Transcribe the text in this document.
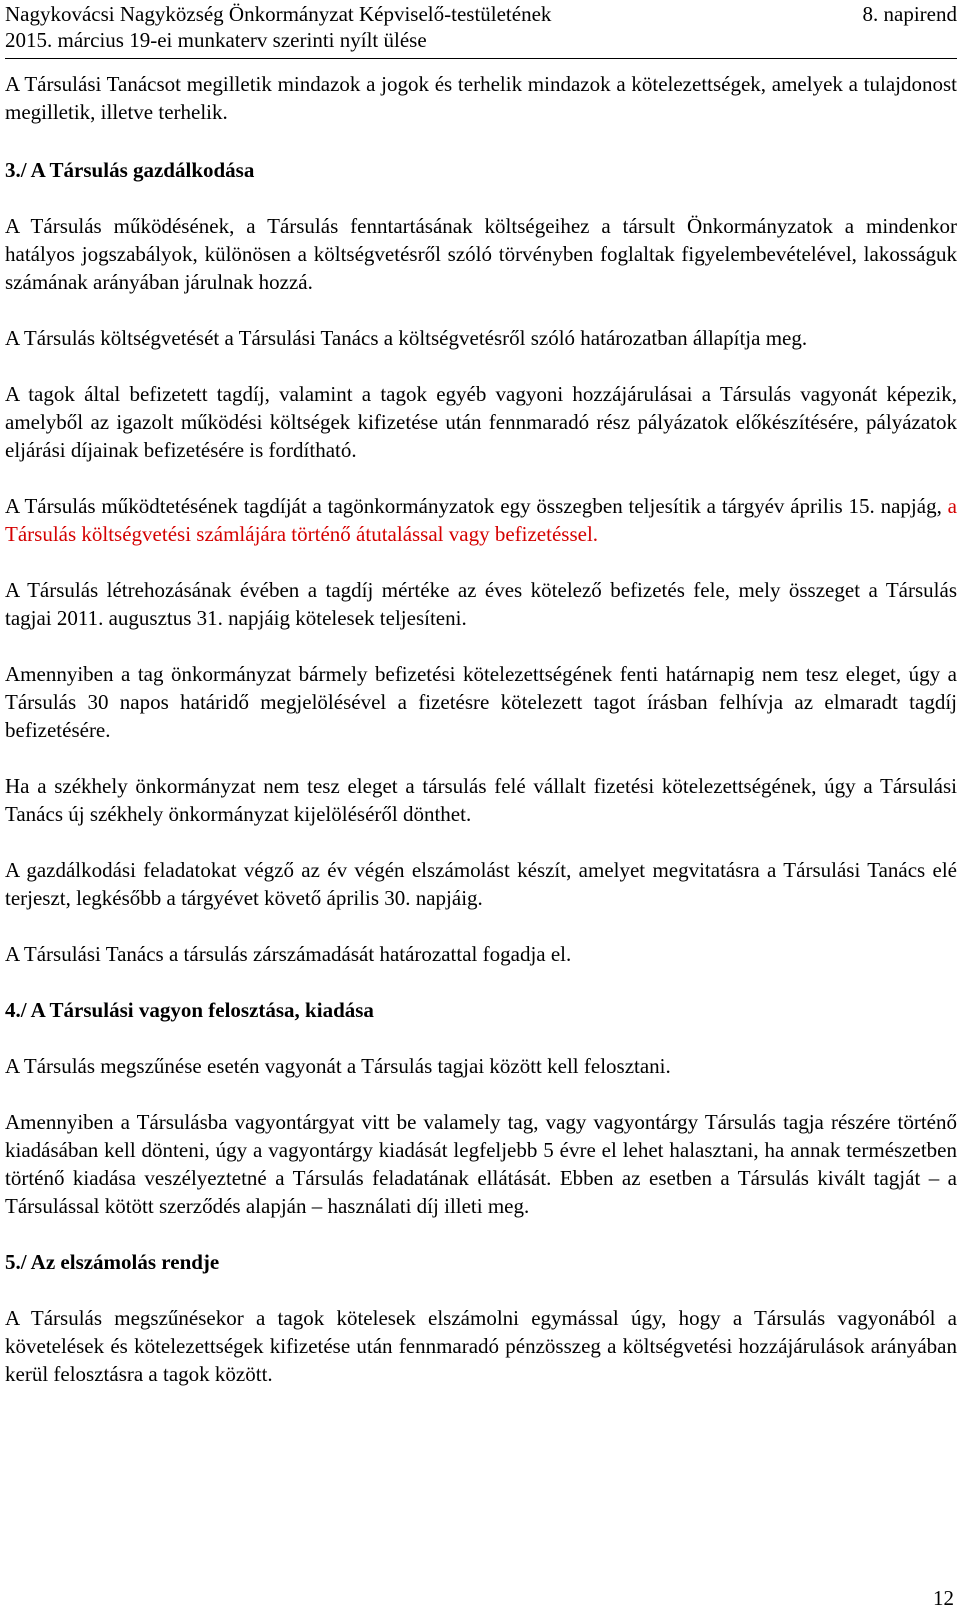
Nagykovácsi Nagyközség Önkormányzat Képviselő-testületének	8. napirend
2015. március 19-ei munkaterv szerinti nyílt ülése

A Társulási Tanácsot megilletik mindazok a jogok és terhelik mindazok a kötelezettségek, amelyek a tulajdonost megilletik, illetve terhelik.

3./ A Társulás gazdálkodása

A Társulás működésének, a Társulás fenntartásának költségeihez a társult Önkormányzatok a mindenkor hatályos jogszabályok, különösen a költségvetésről szóló törvényben foglaltak figyelembevételével, lakosságuk számának arányában járulnak hozzá.

A Társulás költségvetését a Társulási Tanács a költségvetésről szóló határozatban állapítja meg.

A tagok által befizetett tagdíj, valamint a tagok egyéb vagyoni hozzájárulásai a Társulás vagyonát képezik, amelyből az igazolt működési költségek kifizetése után fennmaradó rész pályázatok előkészítésére, pályázatok eljárási díjainak befizetésére is fordítható.

A Társulás működtetésének tagdíját a tagönkormányzatok egy összegben teljesítik a tárgyév április 15. napjág, a Társulás költségvetési számlájára történő átutalással vagy befizetéssel.

A Társulás létrehozásának évében a tagdíj mértéke az éves kötelező befizetés fele, mely összeget a Társulás tagjai 2011. augusztus 31. napjáig kötelesek teljesíteni.

Amennyiben a tag önkormányzat bármely befizetési kötelezettségének fenti határnapig nem tesz eleget, úgy a Társulás 30 napos határidő megjelölésével a fizetésre kötelezett tagot írásban felhívja az elmaradt tagdíj befizetésére.

Ha a székhely önkormányzat nem tesz eleget a társulás felé vállalt fizetési kötelezettségének, úgy a Társulási Tanács új székhely önkormányzat kijelöléséről dönthet.

A gazdálkodási feladatokat végző az év végén elszámolást készít, amelyet megvitatásra a Társulási Tanács elé terjeszt, legkésőbb a tárgyévet követő április 30. napjáig.

A Társulási Tanács a társulás zárszámadását határozattal fogadja el.

4./ A Társulási vagyon felosztása, kiadása

A Társulás megszűnése esetén vagyonát a Társulás tagjai között kell felosztani.

Amennyiben a Társulásba vagyontárgyat vitt be valamely tag, vagy vagyontárgy Társulás tagja részére történő kiadásában kell dönteni, úgy a vagyontárgy kiadását legfeljebb 5 évre el lehet halasztani, ha annak természetben történő kiadása veszélyeztetné a Társulás feladatának ellátását. Ebben az esetben a Társulás kivált tagját – a Társulással kötött szerződés alapján – használati díj illeti meg.

5./ Az elszámolás rendje

A Társulás megszűnésekor a tagok kötelesek elszámolni egymással úgy, hogy a Társulás vagyonából a követelések és kötelezettségek kifizetése után fennmaradó pénzösszeg a költségvetési hozzájárulások arányában kerül felosztásra a tagok között.

12
